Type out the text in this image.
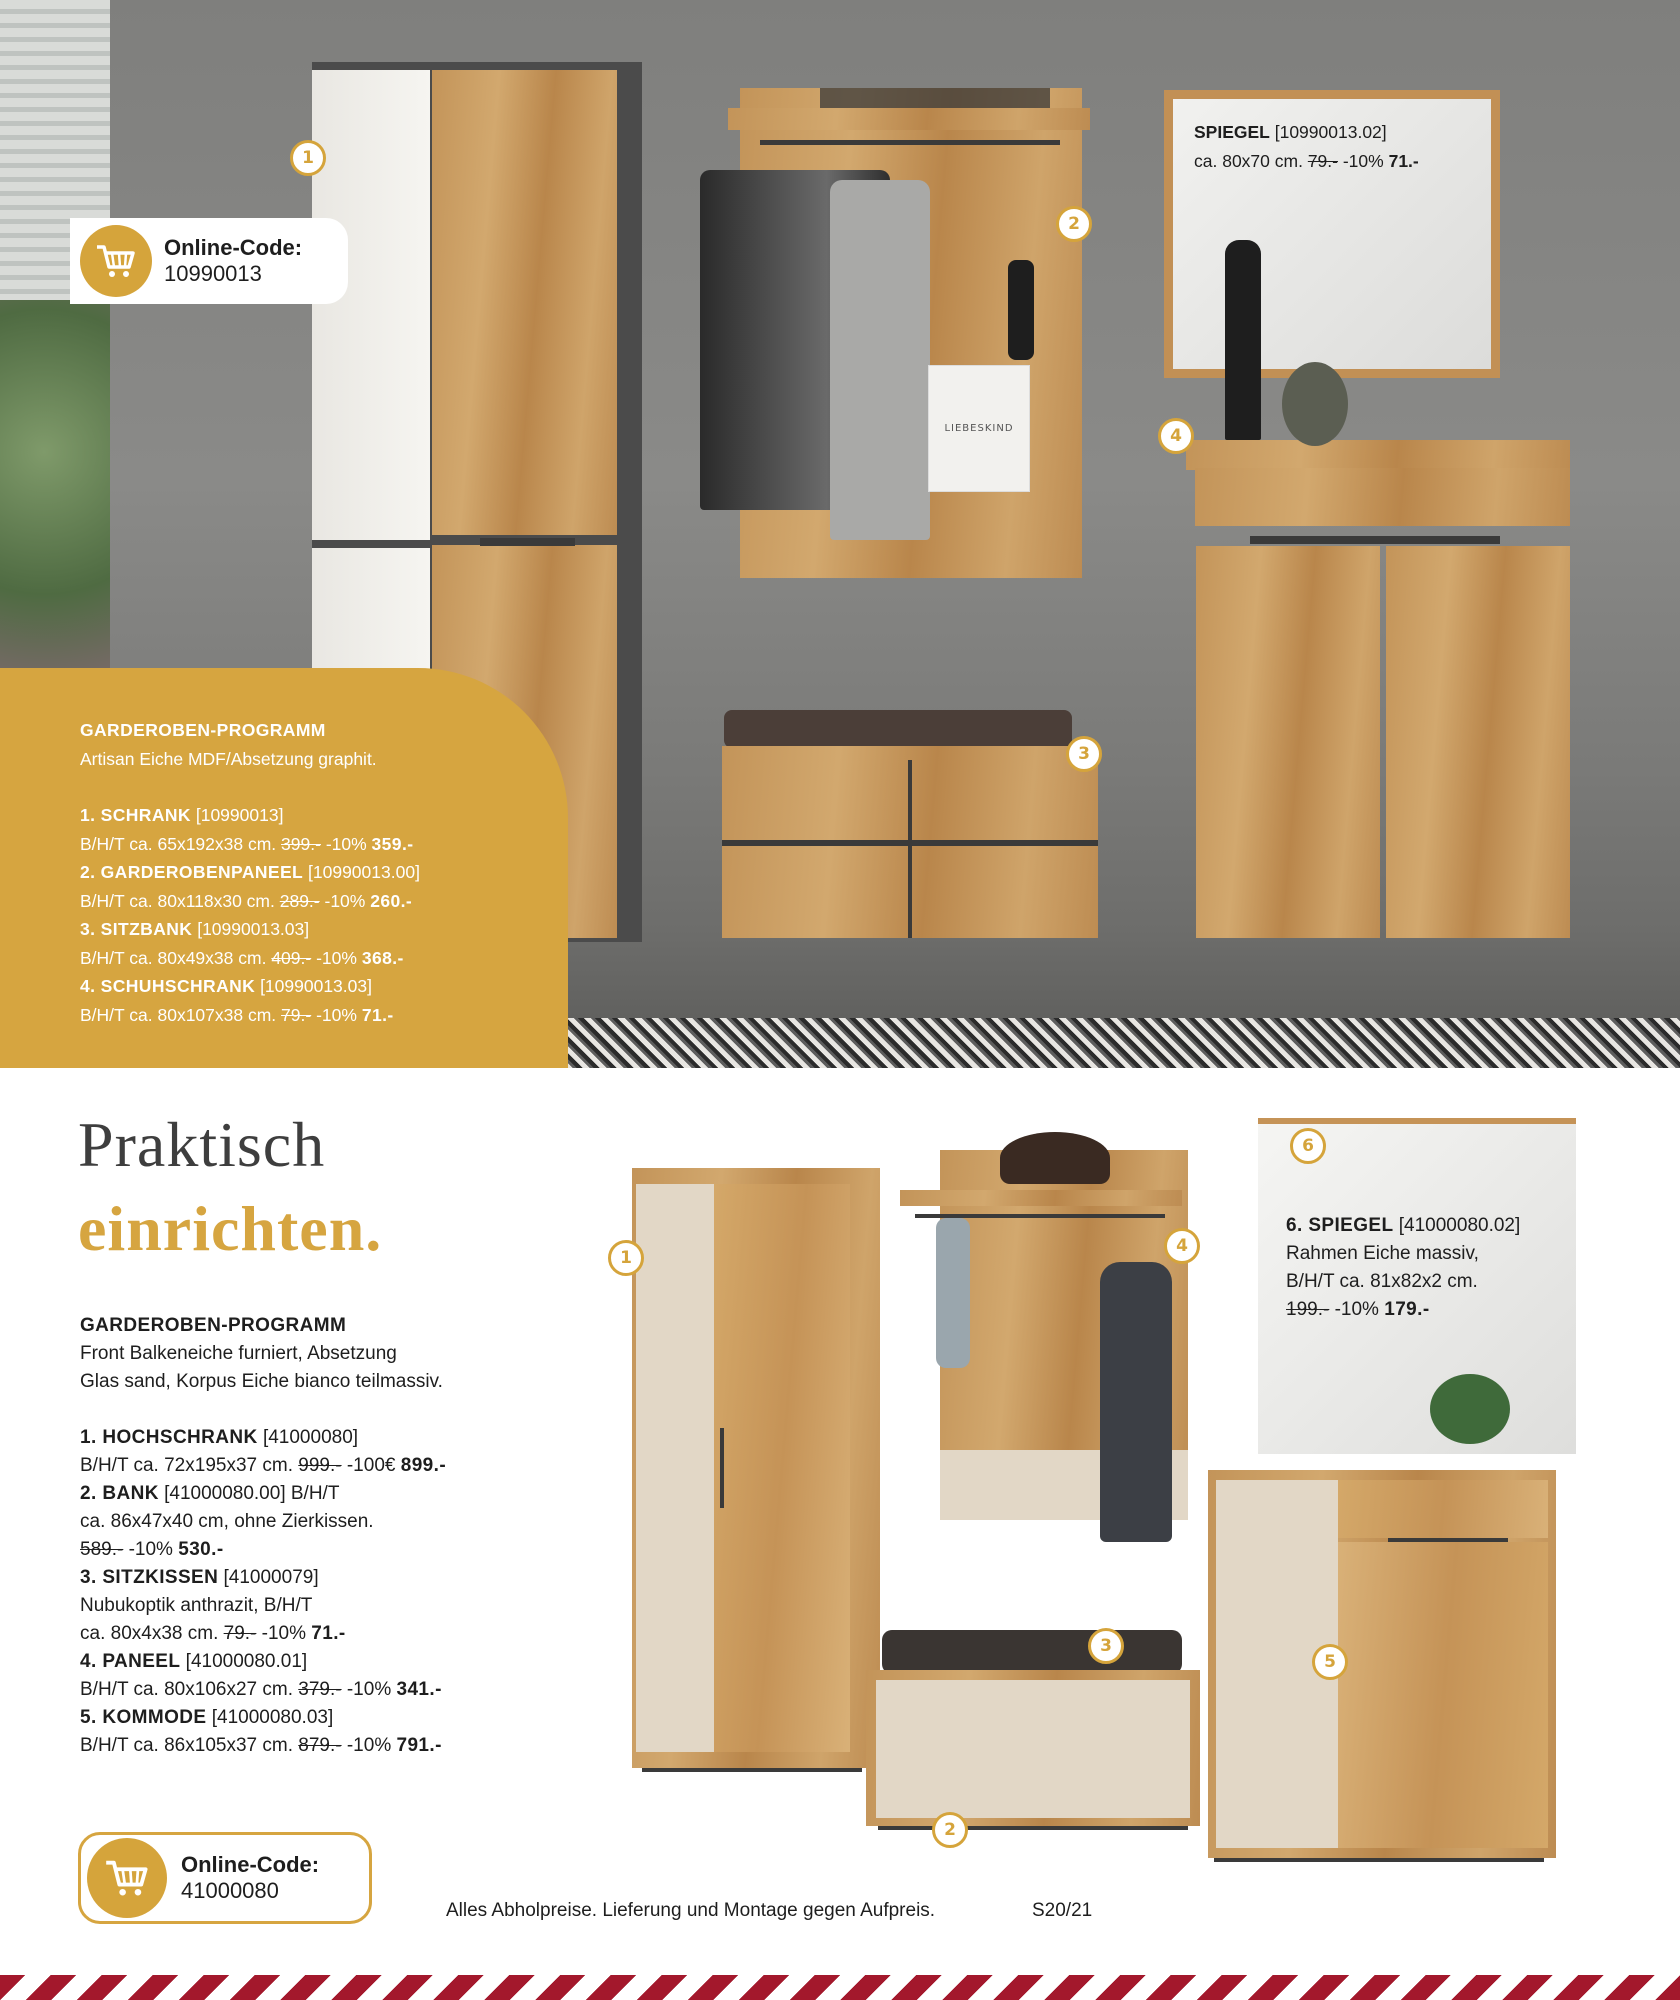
LIEBESKIND
1
2
3
4
SPIEGEL [10990013.02]
ca. 80x70 cm. 79.- -10% 71.-
Online-Code:
10990013
GARDEROBEN-PROGRAMM
Artisan Eiche MDF/Absetzung graphit.
1. SCHRANK [10990013]
B/H/T ca. 65x192x38 cm. 399.- -10% 359.-
2. GARDEROBENPANEEL [10990013.00]
B/H/T ca. 80x118x30 cm. 289.- -10% 260.-
3. SITZBANK [10990013.03]
B/H/T ca. 80x49x38 cm. 409.- -10% 368.-
4. SCHUHSCHRANK [10990013.03]
B/H/T ca. 80x107x38 cm. 79.- -10% 71.-
Praktisch
einrichten.
GARDEROBEN-PROGRAMM
Front Balkeneiche furniert, Absetzung
Glas sand, Korpus Eiche bianco teilmassiv.
1. HOCHSCHRANK [41000080]
B/H/T ca. 72x195x37 cm. 999.- -100€ 899.-
2. BANK [41000080.00] B/H/T
ca. 86x47x40 cm, ohne Zierkissen.
589.- -10% 530.-
3. SITZKISSEN [41000079]
Nubukoptik anthrazit, B/H/T
ca. 80x4x38 cm. 79.- -10% 71.-
4. PANEEL [41000080.01]
B/H/T ca. 80x106x27 cm. 379.- -10% 341.-
5. KOMMODE [41000080.03]
B/H/T ca. 86x105x37 cm. 879.- -10% 791.-
1
2
3
4
5
6
6. SPIEGEL [41000080.02]
Rahmen Eiche massiv,
B/H/T ca. 81x82x2 cm.
199.- -10% 179.-
Online-Code:
41000080
Alles Abholpreise. Lieferung und Montage gegen Aufpreis.	S20/21
